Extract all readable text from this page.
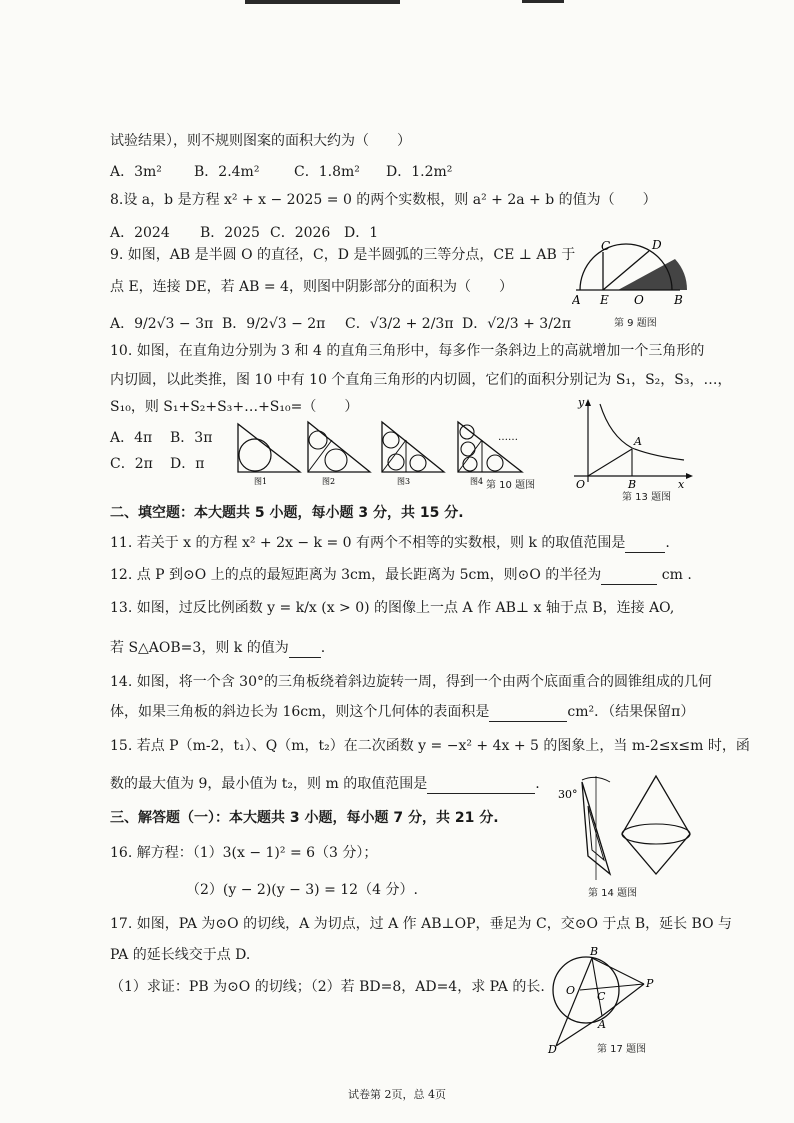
试验结果），则不规则图案的面积大约为（　　）
A．3m² B．2.4m² C．1.8m² D．1.2m²
8.设 a，b 是方程 x² + x − 2025 = 0 的两个实数根，则 a² + 2a + b 的值为（　　）
A．2024 B．2025 C．2026 D．1
9. 如图，AB 是半圆 O 的直径，C，D 是半圆弧的三等分点，CE ⊥ AB 于
点 E，连接 DE，若 AB = 4，则图中阴影部分的面积为（　　）
A．9/2√3 − 3π B．9/2√3 − 2π C．√3/2 + 2/3π D．√2/3 + 3/2π
C	D
A E O	B
第 9 题图
10. 如图，在直角边分别为 3 和 4 的直角三角形中，每多作一条斜边上的高就增加一个三角形的
内切圆，以此类推，图 10 中有 10 个直角三角形的内切圆，它们的面积分别记为 S₁，S₂，S₃，…，
S₁₀，则 S₁+S₂+S₃+…+S₁₀=（　　）
A．4π B．3π
C．2π D．π
……
图1	图2	图3	图4 第 10 题图
y
A
O	B	x
第 13 题图
二、填空题：本大题共 5 小题，每小题 3 分，共 15 分.
11. 若关于 x 的方程 x² + 2x − k = 0 有两个不相等的实数根，则 k 的取值范围是	.
12. 点 P 到⊙O 上的点的最短距离为 3cm，最长距离为 5cm，则⊙O 的半径为	cm .
13. 如图，过反比例函数 y = k/x (x > 0) 的图像上一点 A 作 AB⊥ x 轴于点 B，连接 AO,
若 S△AOB=3，则 k 的值为 .
14. 如图，将一个含 30°的三角板绕着斜边旋转一周，得到一个由两个底面重合的圆锥组成的几何
体，如果三角板的斜边长为 16cm，则这个几何体的表面积是	cm²．（结果保留π）
15. 若点 P（m-2，t₁）、Q（m，t₂）在二次函数 y = −x² + 4x + 5 的图象上，当 m-2≤x≤m 时，函
数的最大值为 9，最小值为 t₂，则 m 的取值范围是	.
30°
第 14 题图
三、解答题（一）：本大题共 3 小题，每小题 7 分，共 21 分.
16. 解方程：（1）3(x − 1)² = 6（3 分）；
（2）(y − 2)(y − 3) = 12（4 分）.
17. 如图，PA 为⊙O 的切线，A 为切点，过 A 作 AB⊥OP，垂足为 C，交⊙O 于点 B，延长 BO 与
PA 的延长线交于点 D.
（1）求证：PB 为⊙O 的切线；（2）若 BD=8，AD=4，求 PA 的长.
B
O C
P
A
D	第 17 题图
试卷第 2页，总 4页
